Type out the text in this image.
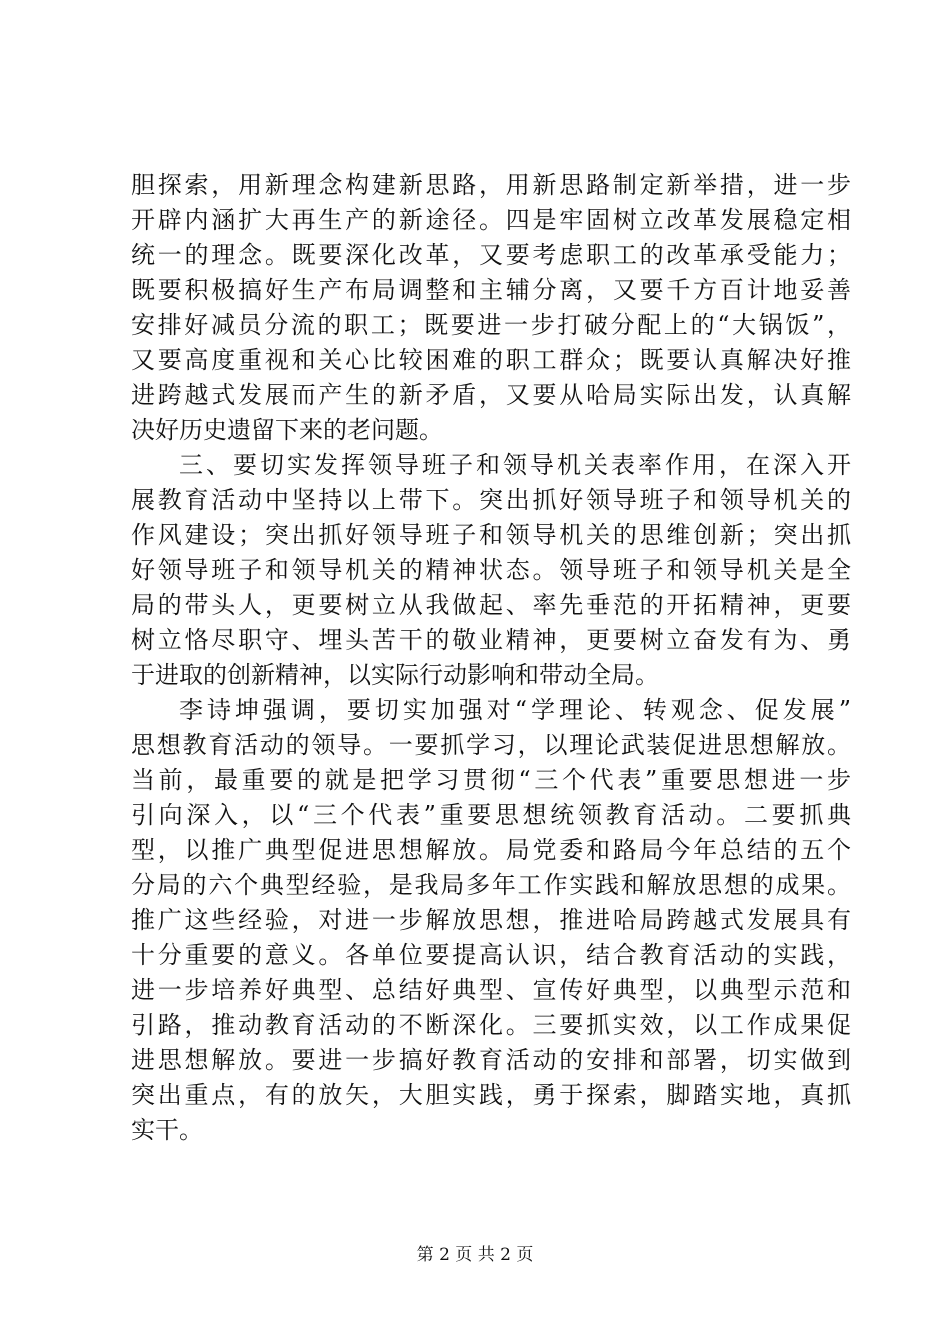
胆探索，用新理念构建新思路，用新思路制定新举措，进一步
开辟内涵扩大再生产的新途径。四是牢固树立改革发展稳定相
统一的理念。既要深化改革，又要考虑职工的改革承受能力；
既要积极搞好生产布局调整和主辅分离，又要千方百计地妥善
安排好减员分流的职工；既要进一步打破分配上的“大锅饭”，
又要高度重视和关心比较困难的职工群众；既要认真解决好推
进跨越式发展而产生的新矛盾，又要从哈局实际出发，认真解
决好历史遗留下来的老问题。
三、要切实发挥领导班子和领导机关表率作用，在深入开
展教育活动中坚持以上带下。突出抓好领导班子和领导机关的
作风建设；突出抓好领导班子和领导机关的思维创新；突出抓
好领导班子和领导机关的精神状态。领导班子和领导机关是全
局的带头人，更要树立从我做起、率先垂范的开拓精神，更要
树立恪尽职守、埋头苦干的敬业精神，更要树立奋发有为、勇
于进取的创新精神，以实际行动影响和带动全局。
李诗坤强调，要切实加强对“学理论、转观念、促发展”
思想教育活动的领导。一要抓学习，以理论武装促进思想解放。
当前，最重要的就是把学习贯彻“三个代表”重要思想进一步
引向深入，以“三个代表”重要思想统领教育活动。二要抓典
型，以推广典型促进思想解放。局党委和路局今年总结的五个
分局的六个典型经验，是我局多年工作实践和解放思想的成果。
推广这些经验，对进一步解放思想，推进哈局跨越式发展具有
十分重要的意义。各单位要提高认识，结合教育活动的实践，
进一步培养好典型、总结好典型、宣传好典型，以典型示范和
引路，推动教育活动的不断深化。三要抓实效，以工作成果促
进思想解放。要进一步搞好教育活动的安排和部署，切实做到
突出重点，有的放矢，大胆实践，勇于探索，脚踏实地，真抓
实干。
第 2 页 共 2 页
